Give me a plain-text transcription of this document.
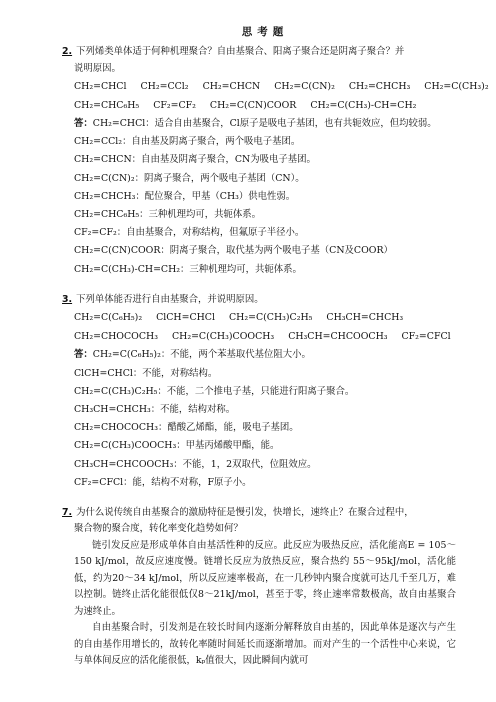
思考题

2. 下列烯类单体适于何种机理聚合？自由基聚合、阳离子聚合还是阴离子聚合？并

说明原因。

CH₂=CHCl CH₂=CCl₂ CH₂=CHCN CH₂=C(CN)₂ CH₂=CHCH₃ CH₂=C(CH₃)₂
CH₂=CHC₆H₅ CF₂=CF₂ CH₂=C(CN)COOR CH₂=C(CH₃)-CH=CH₂

答：CH₂=CHCl：适合自由基聚合，Cl原子是吸电子基团，也有共轭效应，但均较弱。

CH₂=CCl₂：自由基及阴离子聚合，两个吸电子基团。

CH₂=CHCN：自由基及阴离子聚合，CN为吸电子基团。

CH₂=C(CN)₂：阴离子聚合，两个吸电子基团（CN）。

CH₂=CHCH₃：配位聚合，甲基（CH₃）供电性弱。

CH₂=CHC₆H₅：三种机理均可，共轭体系。

CF₂=CF₂：自由基聚合，对称结构，但氟原子半径小。

CH₂=C(CN)COOR：阴离子聚合，取代基为两个吸电子基（CN及COOR）

CH₂=C(CH₃)-CH=CH₂：三种机理均可，共轭体系。

3. 下列单体能否进行自由基聚合，并说明原因。

CH₂=C(C₆H₅)₂ ClCH=CHCl CH₂=C(CH₃)C₂H₅ CH₃CH=CHCH₃
CH₂=CHOCOCH₃ CH₂=C(CH₃)COOCH₃ CH₃CH=CHCOOCH₃ CF₂=CFCl

答：CH₂=C(C₆H₅)₂：不能，两个苯基取代基位阻大小。

ClCH=CHCl：不能，对称结构。

CH₂=C(CH₃)C₂H₅：不能，二个推电子基，只能进行阳离子聚合。

CH₃CH=CHCH₃：不能，结构对称。

CH₂=CHOCOCH₃：醋酸乙烯酯，能，吸电子基团。

CH₂=C(CH₃)COOCH₃：甲基丙烯酸甲酯，能。

CH₃CH=CHCOOCH₃：不能，1，2双取代，位阻效应。

CF₂=CFCl：能，结构不对称，F原子小。

7. 为什么说传统自由基聚合的激励特征是慢引发，快增长，速终止？在聚合过程中，

聚合物的聚合度，转化率变化趋势如何？

链引发反应是形成单体自由基活性种的反应。此反应为吸热反应，活化能高E = 105～150 kJ/mol，故反应速度慢。链增长反应为放热反应，聚合热约 55～95kJ/mol，活化能低，约为20～34 kJ/mol，所以反应速率极高，在一几秒钟内聚合度就可达几千至几万，难以控制。链终止活化能很低仅8～21kJ/mol，甚至于零，终止速率常数极高，故自由基聚合为速终止。

自由基聚合时，引发剂是在较长时间内逐渐分解释放自由基的，因此单体是逐次与产生的自由基作用增长的，故转化率随时间延长而逐渐增加。而对产生的一个活性中心来说，它与单体间反应的活化能很低，kₚ值很大，因此瞬间内就可
